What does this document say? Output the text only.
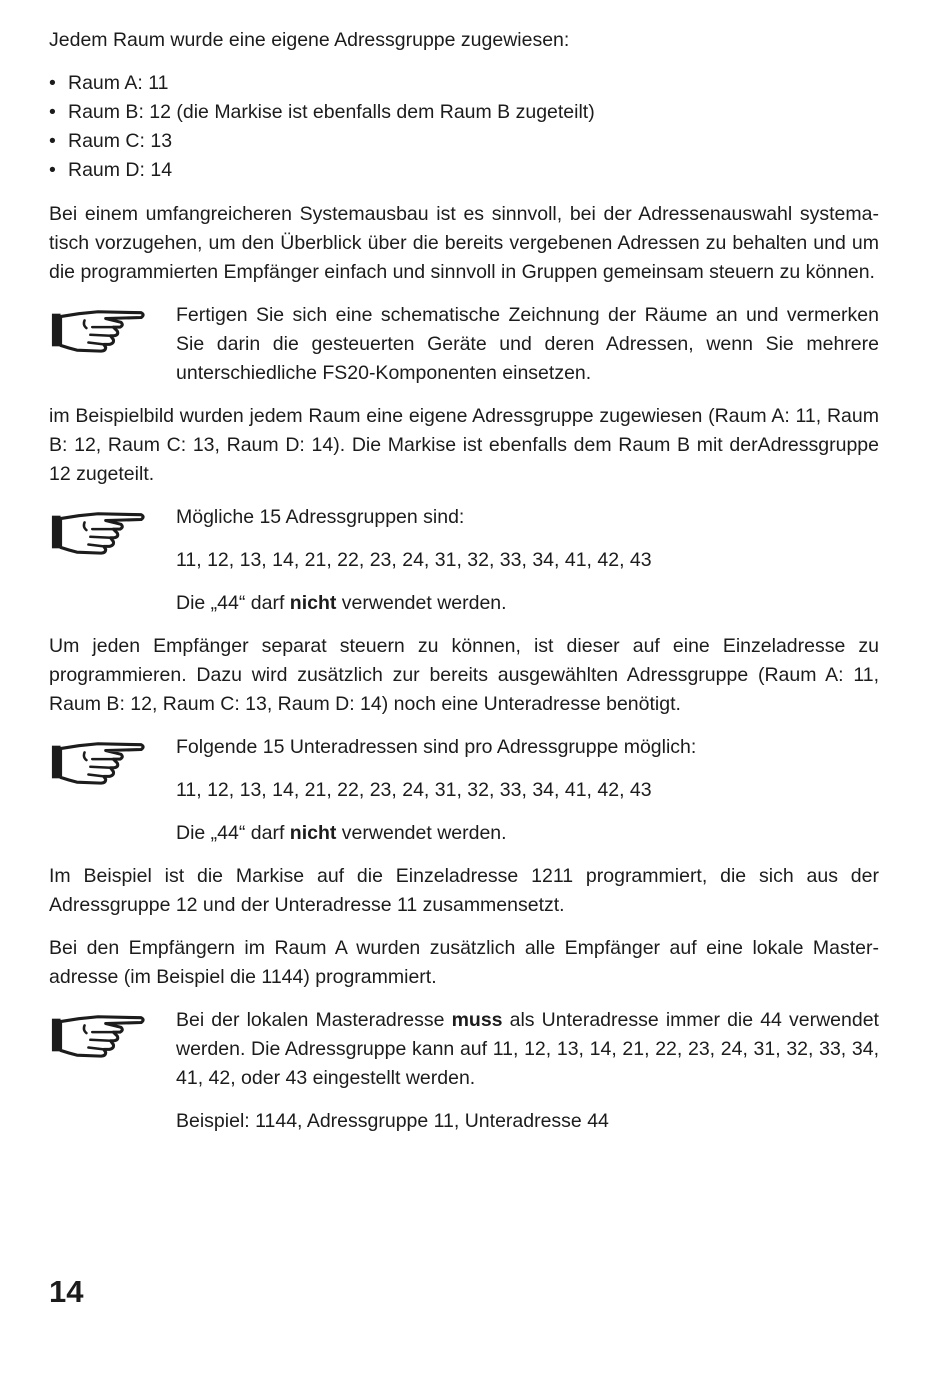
Jedem Raum wurde eine eigene Adressgruppe zugewiesen:

• Raum A: 11
• Raum B: 12 (die Markise ist ebenfalls dem Raum B zugeteilt)
• Raum C: 13
• Raum D: 14

Bei einem umfangreicheren Systemausbau ist es sinnvoll, bei der Adressenauswahl systema-tisch vorzugehen, um den Überblick über die bereits vergebenen Adressen zu behalten und um die programmierten Empfänger einfach und sinnvoll in Gruppen gemeinsam steuern zu können.

Fertigen Sie sich eine schematische Zeichnung der Räume an und vermerken Sie darin die gesteuerten Geräte und deren Adressen, wenn Sie mehrere unterschiedliche FS20-Komponenten einsetzen.

im Beispielbild wurden jedem Raum eine eigene Adressgruppe zugewiesen (Raum A: 11, Raum B: 12, Raum C: 13, Raum D: 14). Die Markise ist ebenfalls dem Raum B mit derAdressgruppe 12 zugeteilt.

Mögliche 15 Adressgruppen sind:

11, 12, 13, 14, 21, 22, 23, 24, 31, 32, 33, 34, 41, 42, 43

Die „44“ darf nicht verwendet werden.

Um jeden Empfänger separat steuern zu können, ist dieser auf eine Einzeladresse zu programmieren. Dazu wird zusätzlich zur bereits ausgewählten Adressgruppe (Raum A: 11, Raum B: 12, Raum C: 13, Raum D: 14) noch eine Unteradresse benötigt.

Folgende 15 Unteradressen sind pro Adressgruppe möglich:

11, 12, 13, 14, 21, 22, 23, 24, 31, 32, 33, 34, 41, 42, 43

Die „44“ darf nicht verwendet werden.

Im Beispiel ist die Markise auf die Einzeladresse 1211 programmiert, die sich aus der Adressgruppe 12 und der Unteradresse 11 zusammensetzt.

Bei den Empfängern im Raum A wurden zusätzlich alle Empfänger auf eine lokale Master-adresse (im Beispiel die 1144) programmiert.

Bei der lokalen Masteradresse muss als Unteradresse immer die 44 verwendet werden. Die Adressgruppe kann auf 11, 12, 13, 14, 21, 22, 23, 24, 31, 32, 33, 34, 41, 42, oder 43 eingestellt werden.

Beispiel: 1144, Adressgruppe 11, Unteradresse 44

14
